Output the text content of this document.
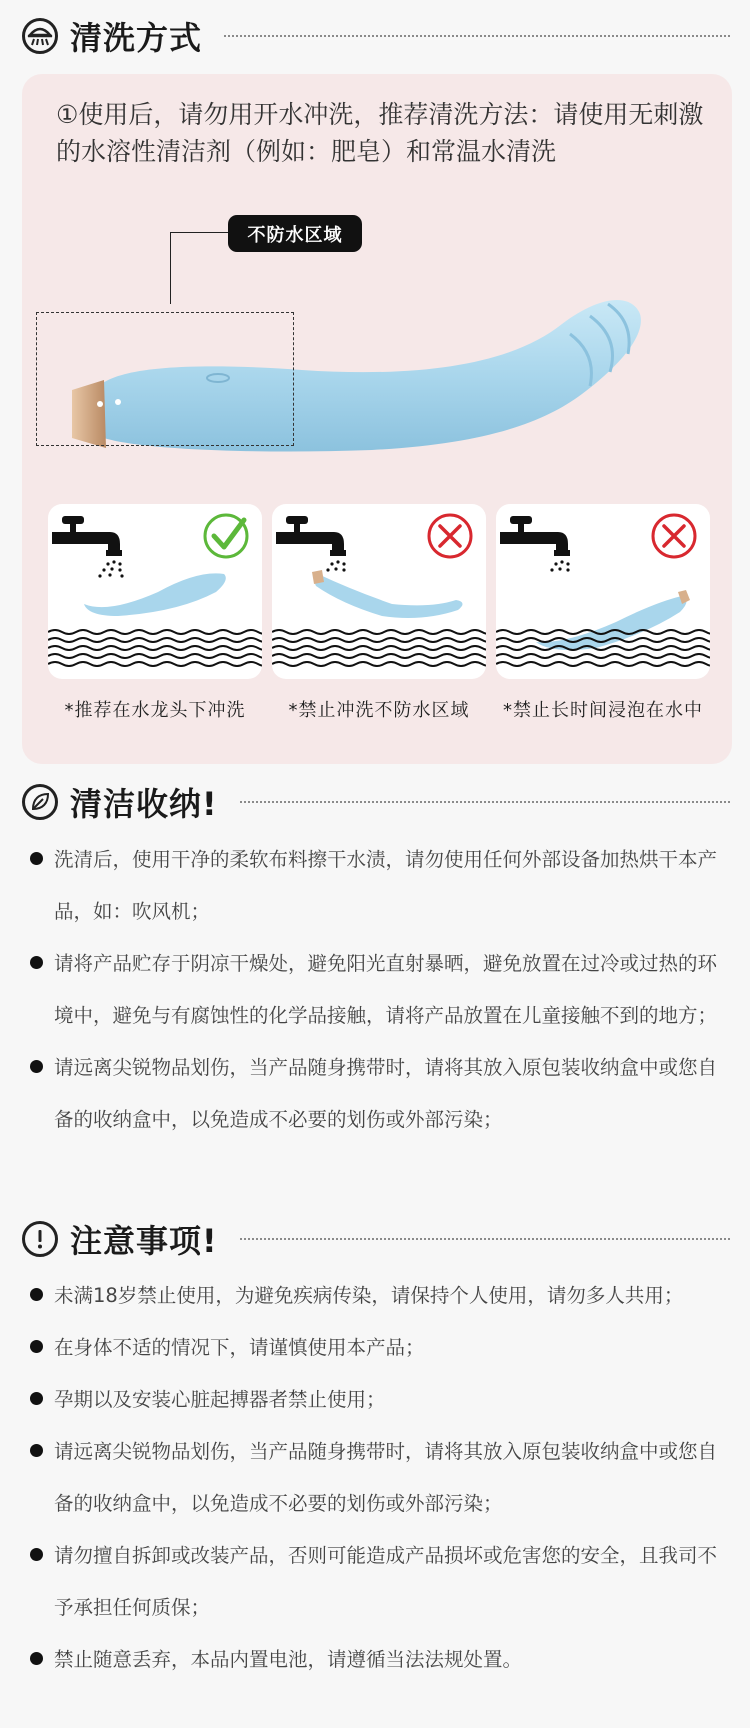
清洗方式
①使用后，请勿用开水冲洗，推荐清洗方法：请使用无刺激的水溶性清洁剂（例如：肥皂）和常温水清洗
不防水区域
*推荐在水龙头下冲洗	*禁止冲洗不防水区域	*禁止长时间浸泡在水中
清洁收纳!
洗清后，使用干净的柔软布料擦干水渍，请勿使用任何外部设备加热烘干本产品，如：吹风机；
请将产品贮存于阴凉干燥处，避免阳光直射暴晒，避免放置在过冷或过热的环境中，避免与有腐蚀性的化学品接触，请将产品放置在儿童接触不到的地方；
请远离尖锐物品划伤，当产品随身携带时，请将其放入原包装收纳盒中或您自备的收纳盒中，以免造成不必要的划伤或外部污染；
注意事项!
未满18岁禁止使用，为避免疾病传染，请保持个人使用，请勿多人共用；
在身体不适的情况下，请谨慎使用本产品；
孕期以及安装心脏起搏器者禁止使用；
请远离尖锐物品划伤，当产品随身携带时，请将其放入原包装收纳盒中或您自备的收纳盒中，以免造成不必要的划伤或外部污染；
请勿擅自拆卸或改装产品，否则可能造成产品损坏或危害您的安全，且我司不予承担任何质保；
禁止随意丢弃，本品内置电池，请遵循当法法规处置。
